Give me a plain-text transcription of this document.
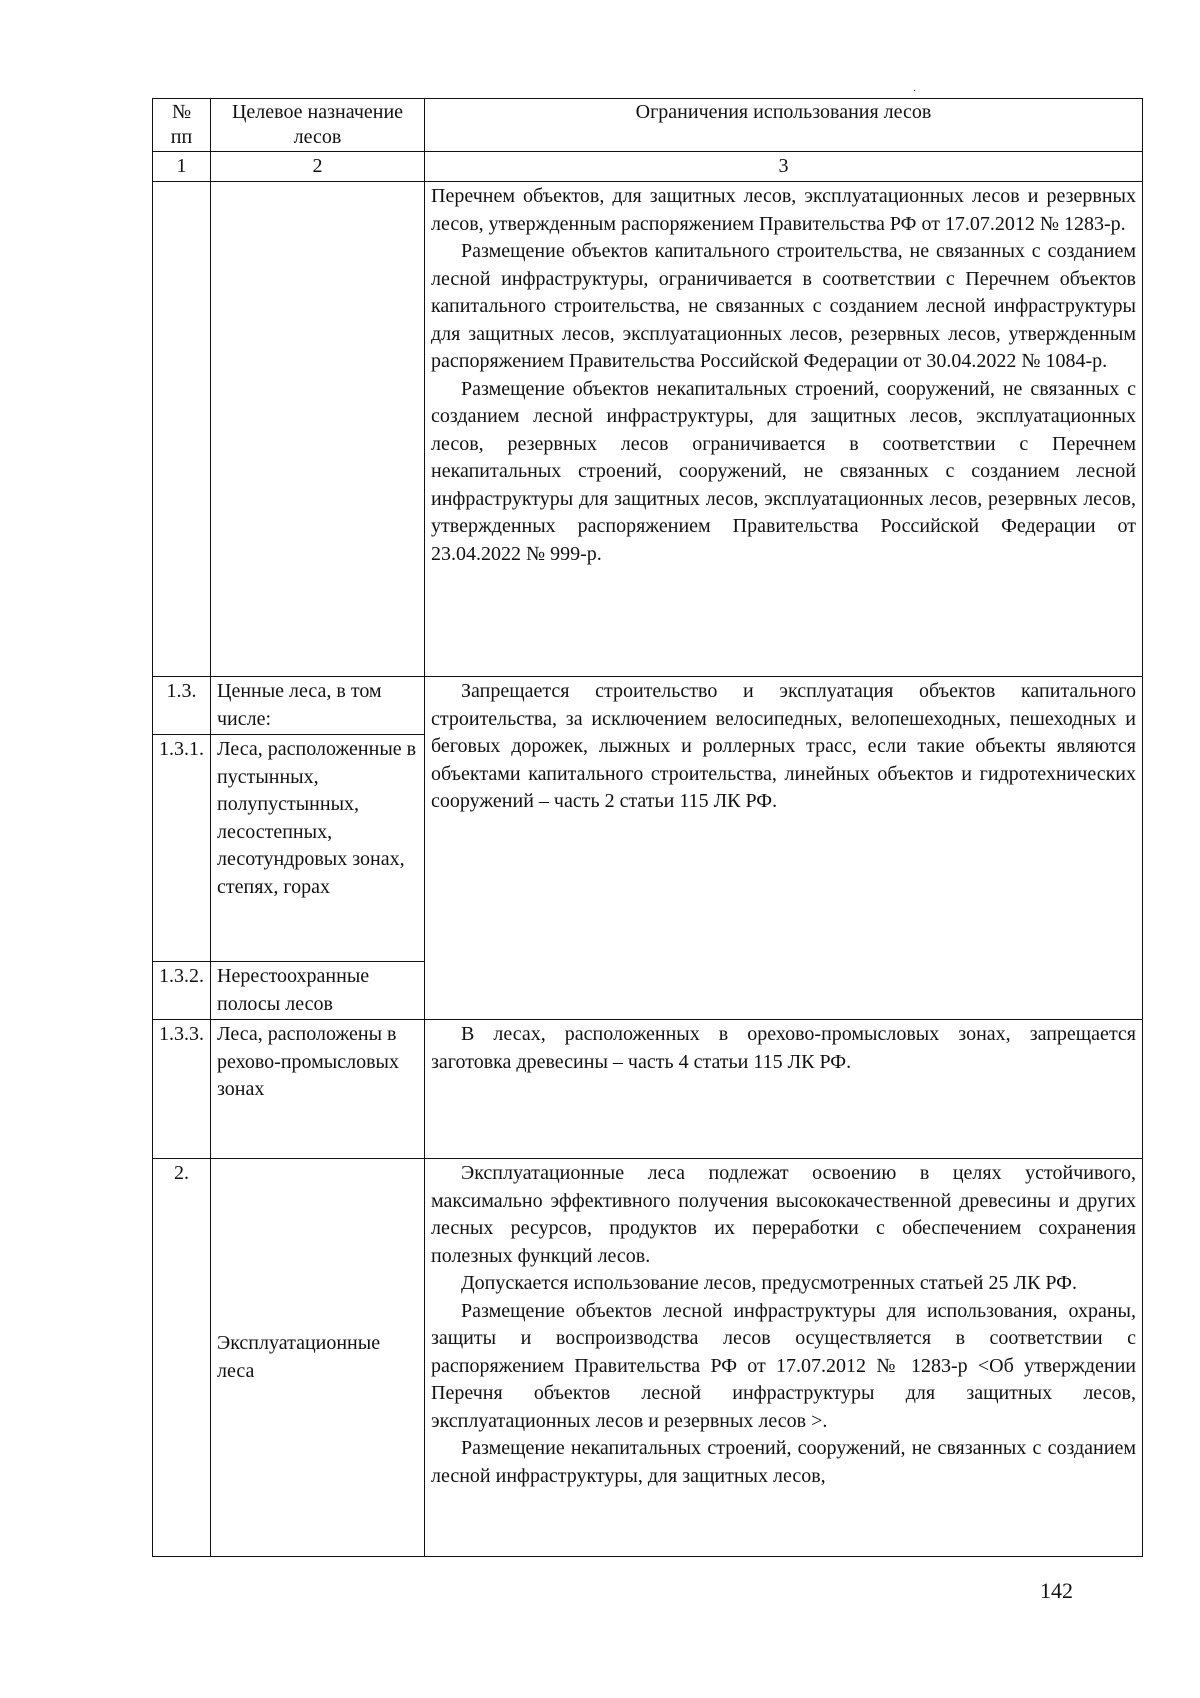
·
№ пп	Целевое назначение лесов	Ограничения использования лесов
1	2	3

		Перечнем объектов, для защитных лесов, эксплуатационных лесов и резервных лесов, утвержденным распоряжением Правительства РФ от 17.07.2012 № 1283-р.

Размещение объектов капитального строительства, не связанных с созданием лесной инфраструктуры, ограничивается в соответствии с Перечнем объектов капитального строительства, не связанных с созданием лесной инфраструктуры для защитных лесов, эксплуатационных лесов, резервных лесов, утвержденным распоряжением Правительства Российской Федерации от 30.04.2022 № 1084-р.

Размещение объектов некапитальных строений, сооружений, не связанных с созданием лесной инфраструктуры, для защитных лесов, эксплуатационных лесов, резервных лесов ограничивается в соответствии с Перечнем некапитальных строений, сооружений, не связанных с созданием лесной инфраструктуры для защитных лесов, эксплуатационных лесов, резервных лесов, утвержденных распоряжением Правительства Российской Федерации от 23.04.2022 № 999-р.

1.3.	Ценные леса, в том числе:	Запрещается строительство и эксплуатация объектов капитального строительства, за исключением велосипедных, велопешеходных, пешеходных и беговых дорожек, лыжных и роллерных трасс, если такие объекты являются объектами капитального строительства, линейных объектов и гидротехнических сооружений – часть 2 статьи 115 ЛК РФ.

1.3.1.	Леса, расположенные в пустынных, полупустынных, лесостепных, лесотундровых зонах, степях, горах	
1.3.2.	Нерестоохранные полосы лесов	
1.3.3.	Леса, расположены в рехово-промысловых зонах	В лесах, расположенных в орехово-промысловых зонах, запрещается заготовка древесины – часть 4 статьи 115 ЛК РФ.

2.	Эксплуатационные леса	Эксплуатационные леса подлежат освоению в целях устойчивого, максимально эффективного получения высококачественной древесины и других лесных ресурсов, продуктов их переработки с обеспечением сохранения полезных функций лесов.

Допускается использование лесов, предусмотренных статьей 25 ЛК РФ.

Размещение объектов лесной инфраструктуры для использования, охраны, защиты и воспроизводства лесов осуществляется в соответствии с распоряжением Правительства РФ от 17.07.2012 № 1283-р <Об утверждении Перечня объектов лесной инфраструктуры для защитных лесов, эксплуатационных лесов и резервных лесов >.

Размещение некапитальных строений, сооружений, не связанных с созданием лесной инфраструктуры, для защитных лесов,

142
